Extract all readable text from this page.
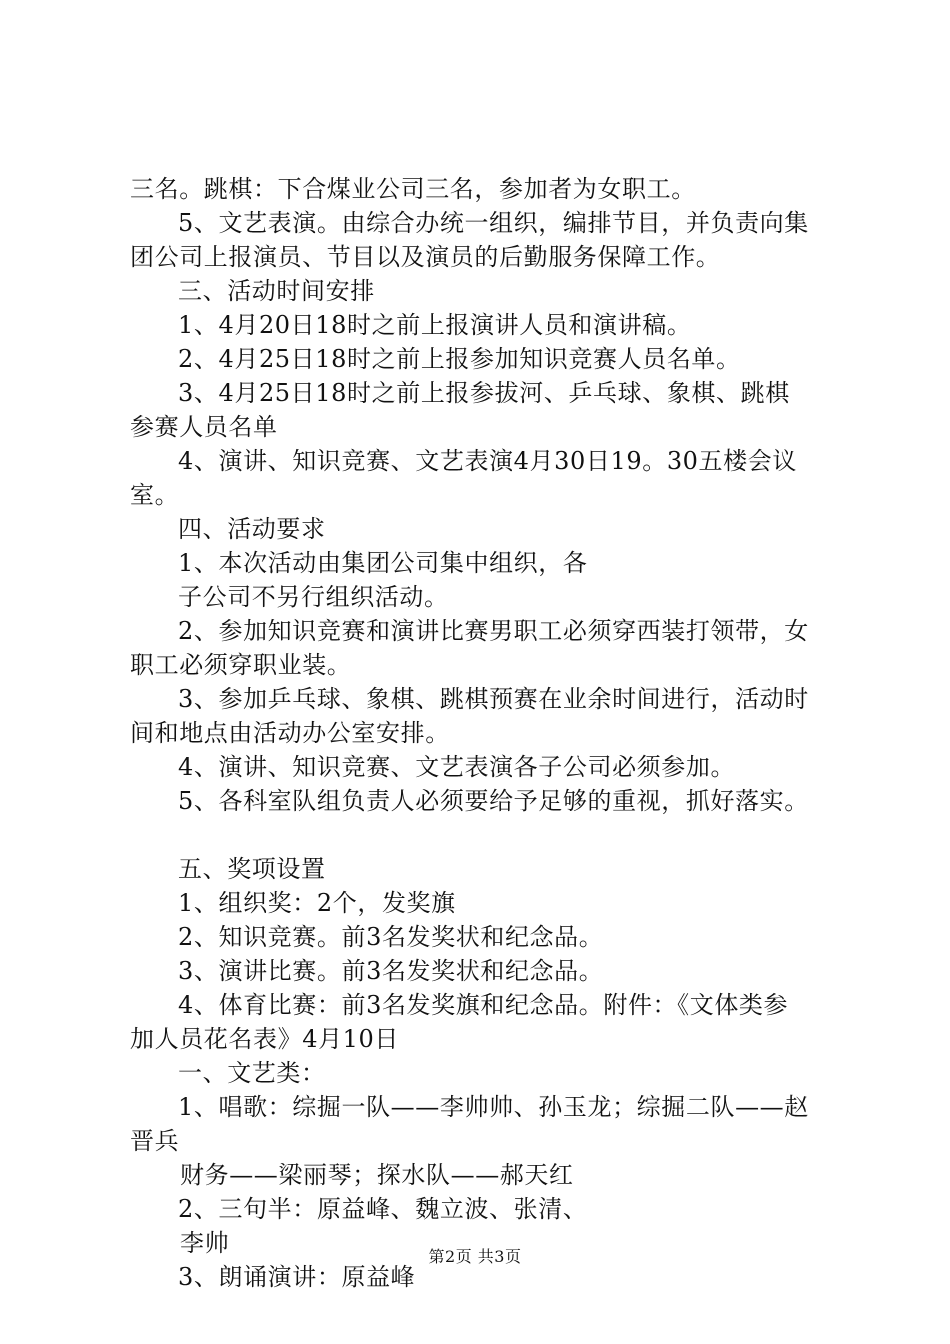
三名。跳棋：下合煤业公司三名，参加者为女职工。
5、文艺表演。由综合办统一组织，编排节目，并负责向集
团公司上报演员、节目以及演员的后勤服务保障工作。
三、活动时间安排
1、4月20日18时之前上报演讲人员和演讲稿。
2、4月25日18时之前上报参加知识竞赛人员名单。
3、4月25日18时之前上报参拔河、乒乓球、象棋、跳棋
参赛人员名单
4、演讲、知识竞赛、文艺表演4月30日19。30五楼会议
室。
四、活动要求
1、本次活动由集团公司集中组织，各
子公司不另行组织活动。
2、参加知识竞赛和演讲比赛男职工必须穿西装打领带，女
职工必须穿职业装。
3、参加乒乓球、象棋、跳棋预赛在业余时间进行，活动时
间和地点由活动办公室安排。
4、演讲、知识竞赛、文艺表演各子公司必须参加。
5、各科室队组负责人必须要给予足够的重视，抓好落实。
五、奖项设置
1、组织奖：2个，发奖旗
2、知识竞赛。前3名发奖状和纪念品。
3、演讲比赛。前3名发奖状和纪念品。
4、体育比赛：前3名发奖旗和纪念品。附件：《文体类参
加人员花名表》4月10日
一、文艺类：
1、唱歌：综掘一队——李帅帅、孙玉龙；综掘二队——赵
晋兵
财务——梁丽琴；探水队——郝天红
2、三句半：原益峰、魏立波、张清、
李帅
3、朗诵演讲：原益峰
第2页 共3页
